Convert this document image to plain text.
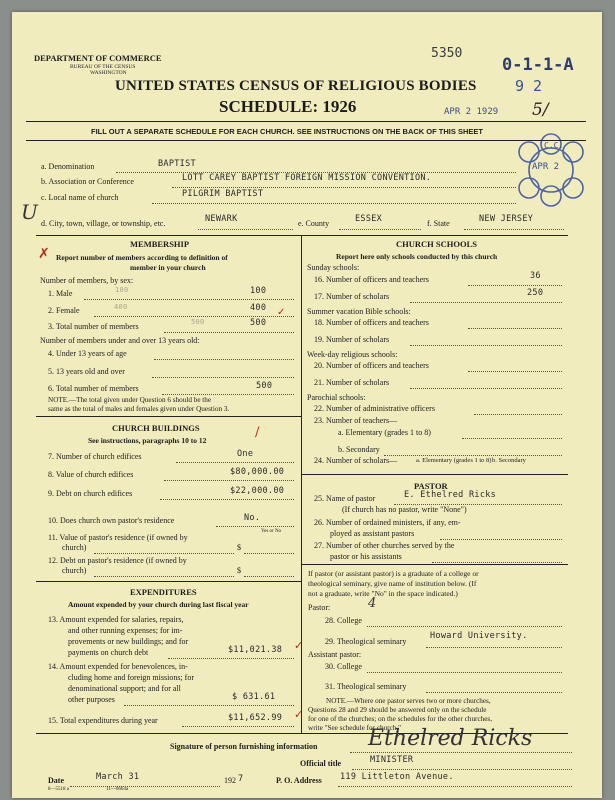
DEPARTMENT OF COMMERCE
BUREAU OF THE CENSUS
WASHINGTON
UNITED STATES CENSUS OF RELIGIOUS BODIES
SCHEDULE: 1926
5350
0-1-1-A
9 2
APR 2 1929 5/
C.C.
APR 2
FILL OUT A SEPARATE SCHEDULE FOR EACH CHURCH. SEE INSTRUCTIONS ON THE BACK OF THIS SHEET
a. Denomination	BAPTIST
b. Association or Conference	LOTT CAREY BAPTIST FOREIGN MISSION CONVENTION.
c. Local name of church	PILGRIM BAPTIST
U d. City, town, village, or township, etc.	NEWARK	e. County	ESSEX	f. State	NEW JERSEY
MEMBERSHIP
✗ Report number of members according to definition of
member in your church
Number of members, by sex:
1. Male	100	100
2. Female	400	400
3. Total number of members	500	500
✓
Number of members under and over 13 years old:
4. Under 13 years of age
5. 13 years old and over
6. Total number of members	500
NOTE.—The total given under Question 6 should be the
same as the total of males and females given under Question 3.
CHURCH BUILDINGS
See instructions, paragraphs 10 to 12
/
7. Number of church edifices	One
8. Value of church edifices	$80,000.00
9. Debt on church edifices	$22,000.00
10. Does church own pastor's residence	No.
Yes or No
11. Value of pastor's residence (if owned by
church)	$
12. Debt on pastor's residence (if owned by
church)	$
EXPENDITURES
Amount expended by your church during last fiscal year
13. Amount expended for salaries, repairs,
and other running expenses; for im-
provements or new buildings; and for
payments on church debt	$11,021.38 ✓
14. Amount expended for benevolences, in-
cluding home and foreign missions; for
denominational support; and for all
other purposes	$ 631.61
15. Total expenditures during year	$11,652.99 ✓
CHURCH SCHOOLS
Report here only schools conducted by this church
Sunday schools:
16. Number of officers and teachers	36
17. Number of scholars	250
Summer vacation Bible schools:
18. Number of officers and teachers
19. Number of scholars
Week-day religious schools:
20. Number of officers and teachers
21. Number of scholars
Parochial schools:
22. Number of administrative officers
23. Number of teachers—
a. Elementary (grades 1 to 8)
b. Secondary
24. Number of scholars—
PASTOR
25. Name of pastor	E. Ethelred Ricks
(If church has no pastor, write "None")
26. Number of ordained ministers, if any, em-
ployed as assistant pastors
27. Number of other churches served by the
pastor or his assistants
If pastor (or assistant pastor) is a graduate of a college or
theological seminary, give name of institution below. (If
not a graduate, write "No" in the space indicated.)
Pastor:	4
28. College
29. Theological seminary
Howard University.
Assistant pastor:
30. College
31. Theological seminary
NOTE.—Where one pastor serves two or more churches,
Questions 28 and 29 should be answered only on the schedule
for one of the churches; on the schedules for the other churches,
write "See schedule for church."
Signature of person furnishing information Ethelred Ricks
Official title	MINISTER
Date	March 31	192 7
8—5518 a	11—6664a
P. O. Address 119 Littleton Avenue.
a. Elementary (grades 1 to 8) b. Secondary
